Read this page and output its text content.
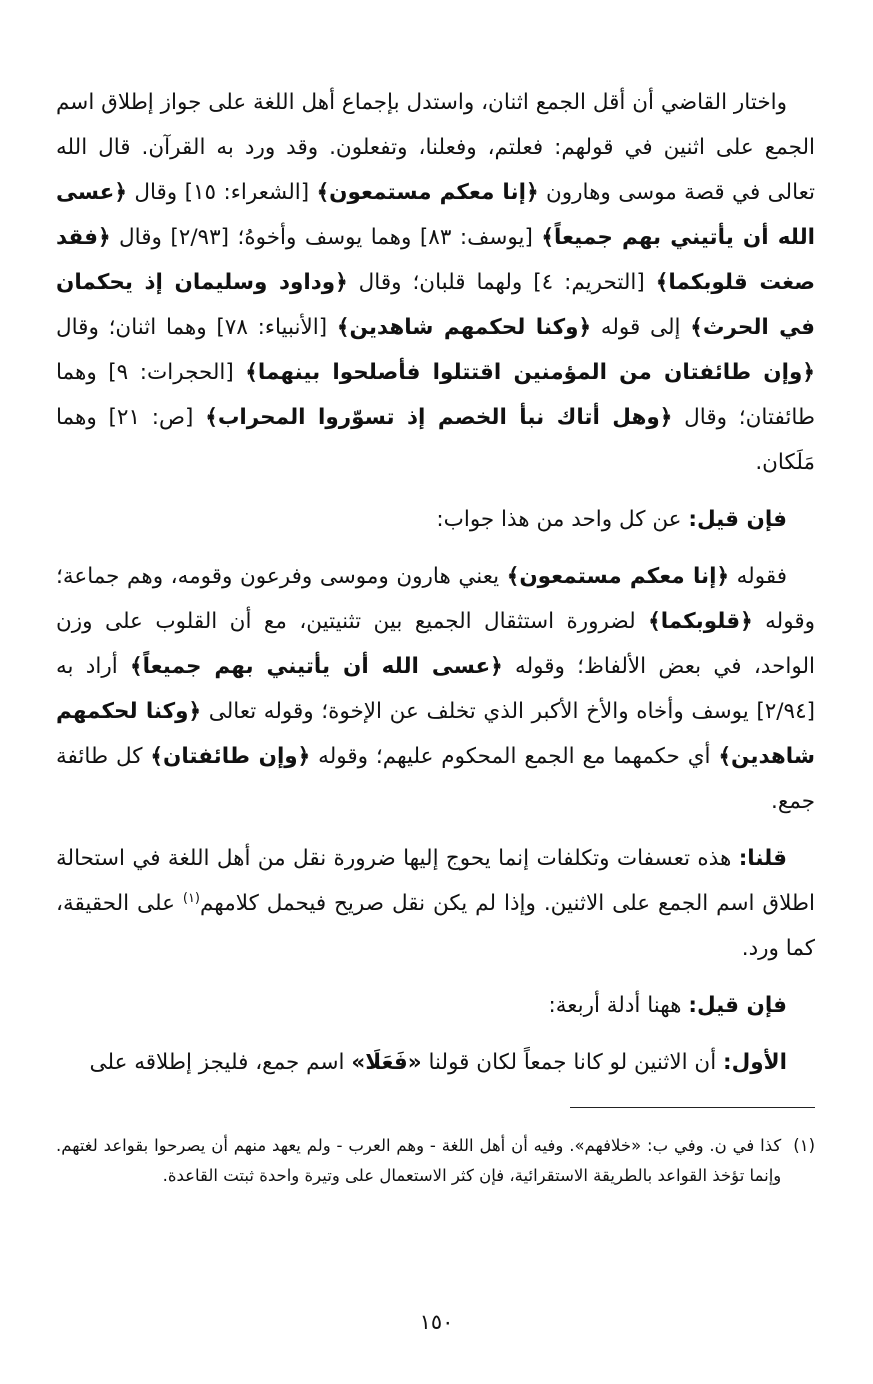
واختار القاضي أن أقل الجمع اثنان، واستدل بإجماع أهل اللغة على جواز إطلاق اسم الجمع على اثنين في قولهم: فعلتم، وفعلنا، وتفعلون. وقد ورد به القرآن. قال الله تعالى في قصة موسى وهارون ﴿إنا معكم مستمعون﴾ [الشعراء: ١٥] وقال ﴿عسى الله أن يأتيني بهم جميعاً﴾ [يوسف: ٨٣] وهما يوسف وأخوهُ؛ [٢/٩٣] وقال ﴿فقد صغت قلوبكما﴾ [التحريم: ٤] ولهما قلبان؛ وقال ﴿وداود وسليمان إذ يحكمان في الحرث﴾ إلى قوله ﴿وكنا لحكمهم شاهدين﴾ [الأنبياء: ٧٨] وهما اثنان؛ وقال ﴿وإن طائفتان من المؤمنين اقتتلوا فأصلحوا بينهما﴾ [الحجرات: ٩] وهما طائفتان؛ وقال ﴿وهل أتاك نبأ الخصم إذ تسوّروا المحراب﴾ [ص: ٢١] وهما مَلَكان.

فإن قيل: عن كل واحد من هذا جواب:

فقوله ﴿إنا معكم مستمعون﴾ يعني هارون وموسى وفرعون وقومه، وهم جماعة؛ وقوله ﴿قلوبكما﴾ لضرورة استثقال الجميع بين تثنيتين، مع أن القلوب على وزن الواحد، في بعض الألفاظ؛ وقوله ﴿عسى الله أن يأتيني بهم جميعاً﴾ أراد به [٢/٩٤] يوسف وأخاه والأخ الأكبر الذي تخلف عن الإخوة؛ وقوله تعالى ﴿وكنا لحكمهم شاهدين﴾ أي حكمهما مع الجمع المحكوم عليهم؛ وقوله ﴿وإن طائفتان﴾ كل طائفة جمع.

قلنا: هذه تعسفات وتكلفات إنما يحوج إليها ضرورة نقل من أهل اللغة في استحالة اطلاق اسم الجمع على الاثنين. وإذا لم يكن نقل صريح فيحمل كلامهم$^{(١)}$ على الحقيقة، كما ورد.

فإن قيل: ههنا أدلة أربعة:

الأول: أن الاثنين لو كانا جمعاً لكان قولنا «فَعَلَا» اسم جمع، فليجز إطلاقه على

(١)
كذا في ن. وفي ب: «خلافهم». وفيه أن أهل اللغة - وهم العرب - ولم يعهد منهم أن يصرحوا بقواعد لغتهم. وإنما تؤخذ القواعد بالطريقة الاستقرائية، فإن كثر الاستعمال على وتيرة واحدة ثبتت القاعدة.
١٥٠
